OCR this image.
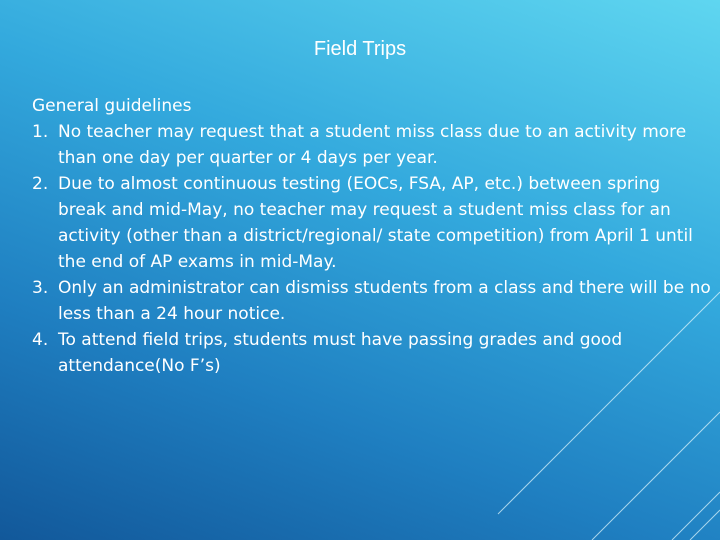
Field Trips

General guidelines

1. No teacher may request that a student miss class due to an activity more than one day per quarter or 4 days per year.
2. Due to almost continuous testing (EOCs, FSA, AP, etc.) between spring break and mid-May, no teacher may request a student miss class for an activity (other than a district/regional/ state competition) from April 1 until the end of AP exams in mid-May.
3. Only an administrator can dismiss students from a class and there will be no less than a 24 hour notice.
4. To attend field trips, students must have passing grades and good attendance(No F’s)
